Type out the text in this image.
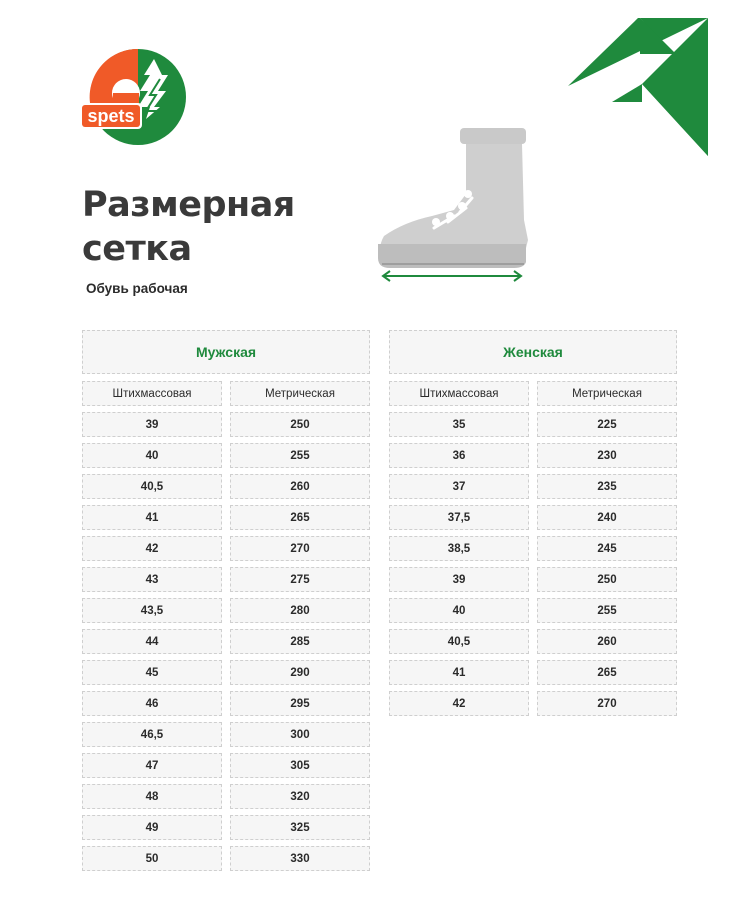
spets
Размерная
сетка
Обувь рабочая
Мужская
Штихмассовая	Метрическая
39	250
40	255
40,5	260
41	265
42	270
43	275
43,5	280
44	285
45	290
46	295
46,5	300
47	305
48	320
49	325
50	330
Женская
Штихмассовая	Метрическая
35	225
36	230
37	235
37,5	240
38,5	245
39	250
40	255
40,5	260
41	265
42	270
